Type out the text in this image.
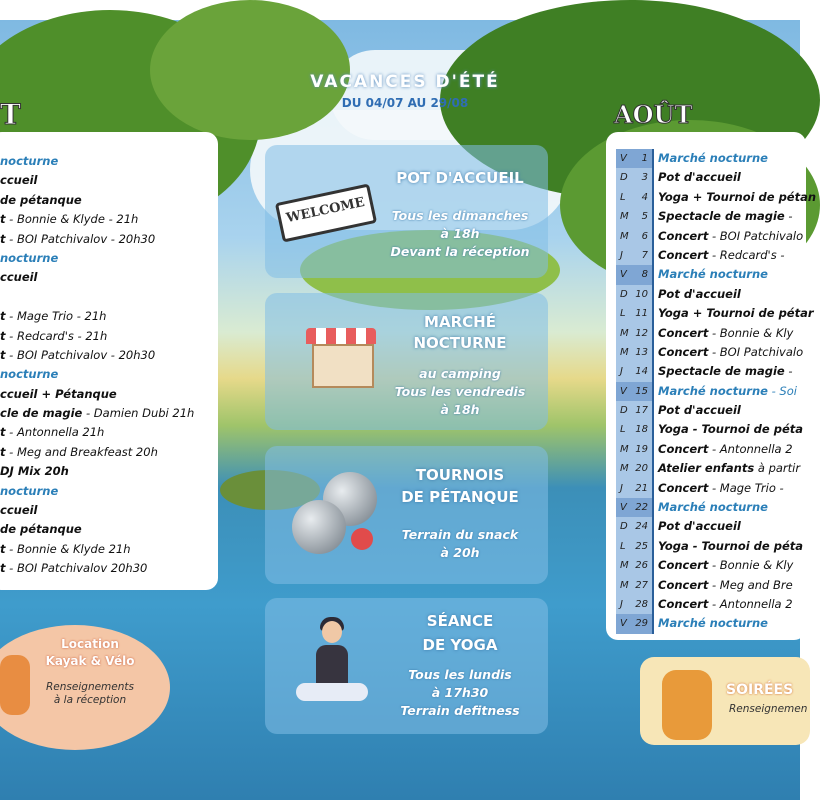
VACANCES D'ÉTÉ
DU 04/07 AU 29/08
T	AOÛT
nocturne
ccueil
de pétanque
t - Bonnie & Klyde - 21h
t - BOI Patchivalov - 20h30
nocturne
ccueil
t - Mage Trio - 21h
t - Redcard's - 21h
t - BOI Patchivalov - 20h30
nocturne
ccueil + Pétanque
cle de magie - Damien Dubi 21h
t - Antonnella 21h
t - Meg and Breakfeast 20h
DJ Mix 20h
nocturne
ccueil
de pétanque
t - Bonnie & Klyde 21h
t - BOI Patchivalov 20h30
V 1 Marché nocturne
D 3 Pot d'accueil
L 4 Yoga + Tournoi de pétan
M 5 Spectacle de magie -
M 6 Concert - BOI Patchivalo
J 7 Concert - Redcard's -
V 8 Marché nocturne
D 10 Pot d'accueil
L 11 Yoga + Tournoi de pétar
M 12 Concert - Bonnie & Kly
M 13 Concert - BOI Patchivalo
J 14 Spectacle de magie -
V 15 Marché nocturne - Soi
D 17 Pot d'accueil
L 18 Yoga - Tournoi de péta
M 19 Concert - Antonnella 2
M 20 Atelier enfants à partir
J 21 Concert - Mage Trio -
V 22 Marché nocturne
D 24 Pot d'accueil
L 25 Yoga - Tournoi de péta
M 26 Concert - Bonnie & Kly
M 27 Concert - Meg and Bre
J 28 Concert - Antonnella 2
V 29 Marché nocturne
POT D'ACCUEIL
Tous les dimanches
à 18h
Devant la réception
WELCOME
MARCHÉ
NOCTURNE
au camping
Tous les vendredis
à 18h
TOURNOIS
DE PÉTANQUE
Terrain du snack
à 20h
SÉANCE
DE YOGA
Tous les lundis
à 17h30
Terrain defitness
Location
Kayak & Vélo
Renseignements
à la réception
SOIRÉES
Renseignemen
